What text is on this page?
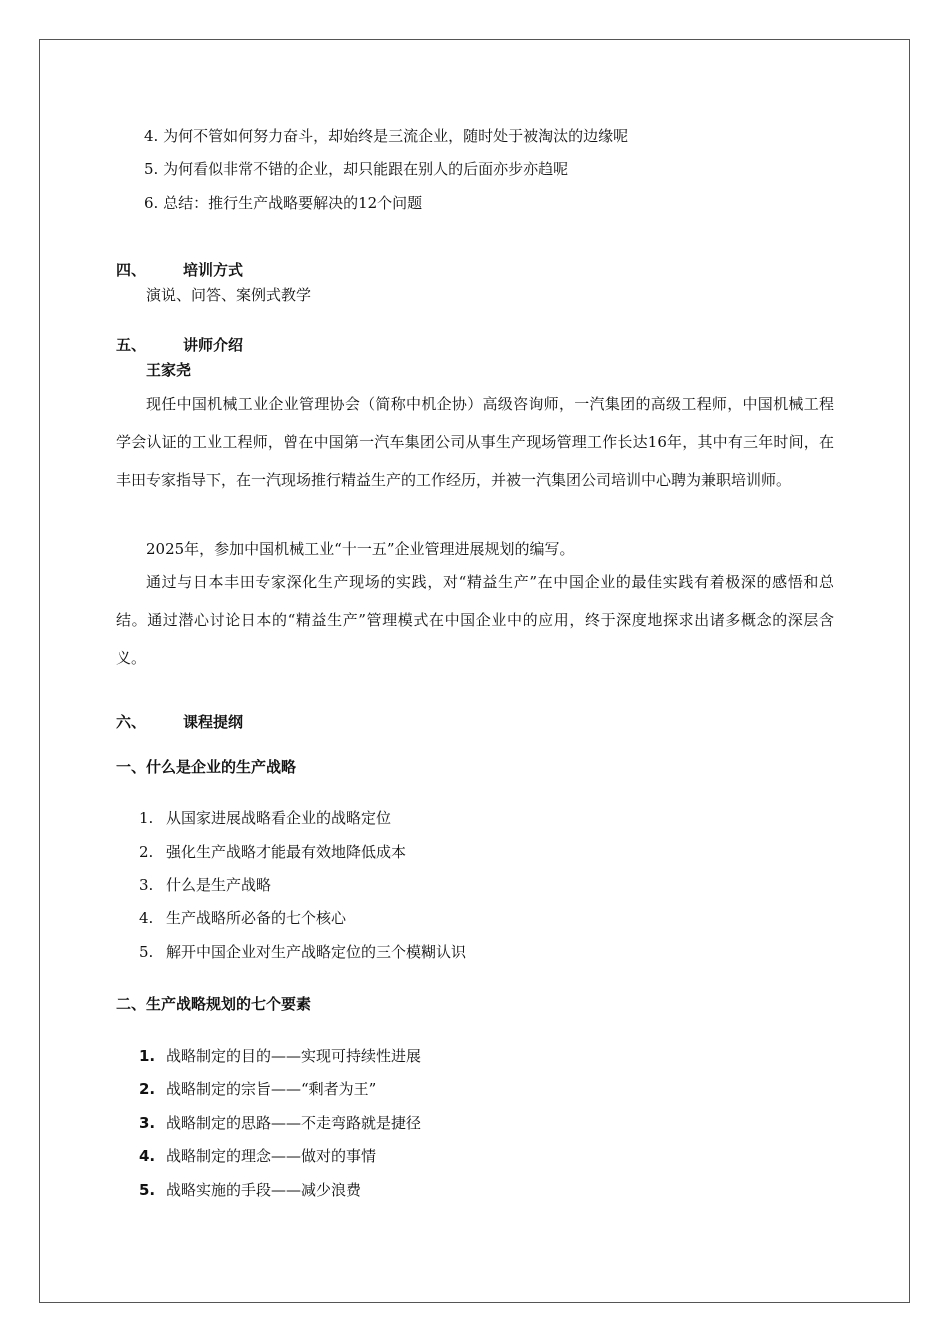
4. 为何不管如何努力奋斗，却始终是三流企业，随时处于被淘汰的边缘呢
5. 为何看似非常不错的企业，却只能跟在别人的后面亦步亦趋呢
6. 总结：推行生产战略要解决的12个问题
四、 培训方式
演说、问答、案例式教学
五、 讲师介绍
王家尧
现任中国机械工业企业管理协会（简称中机企协）高级咨询师，一汽集团的高级工程师，中国机械工程学会认证的工业工程师，曾在中国第一汽车集团公司从事生产现场管理工作长达16年，其中有三年时间，在丰田专家指导下，在一汽现场推行精益生产的工作经历，并被一汽集团公司培训中心聘为兼职培训师。
2025年，参加中国机械工业“十一五”企业管理进展规划的编写。
通过与日本丰田专家深化生产现场的实践，对“精益生产”在中国企业的最佳实践有着极深的感悟和总结。通过潜心讨论日本的“精益生产”管理模式在中国企业中的应用，终于深度地探求出诸多概念的深层含义。
六、 课程提纲
一、什么是企业的生产战略
1. 从国家进展战略看企业的战略定位
2. 强化生产战略才能最有效地降低成本
3. 什么是生产战略
4. 生产战略所必备的七个核心
5. 解开中国企业对生产战略定位的三个模糊认识
二、生产战略规划的七个要素
1. 战略制定的目的——实现可持续性进展
2. 战略制定的宗旨——“剩者为王”
3. 战略制定的思路——不走弯路就是捷径
4. 战略制定的理念——做对的事情
5. 战略实施的手段——减少浪费
